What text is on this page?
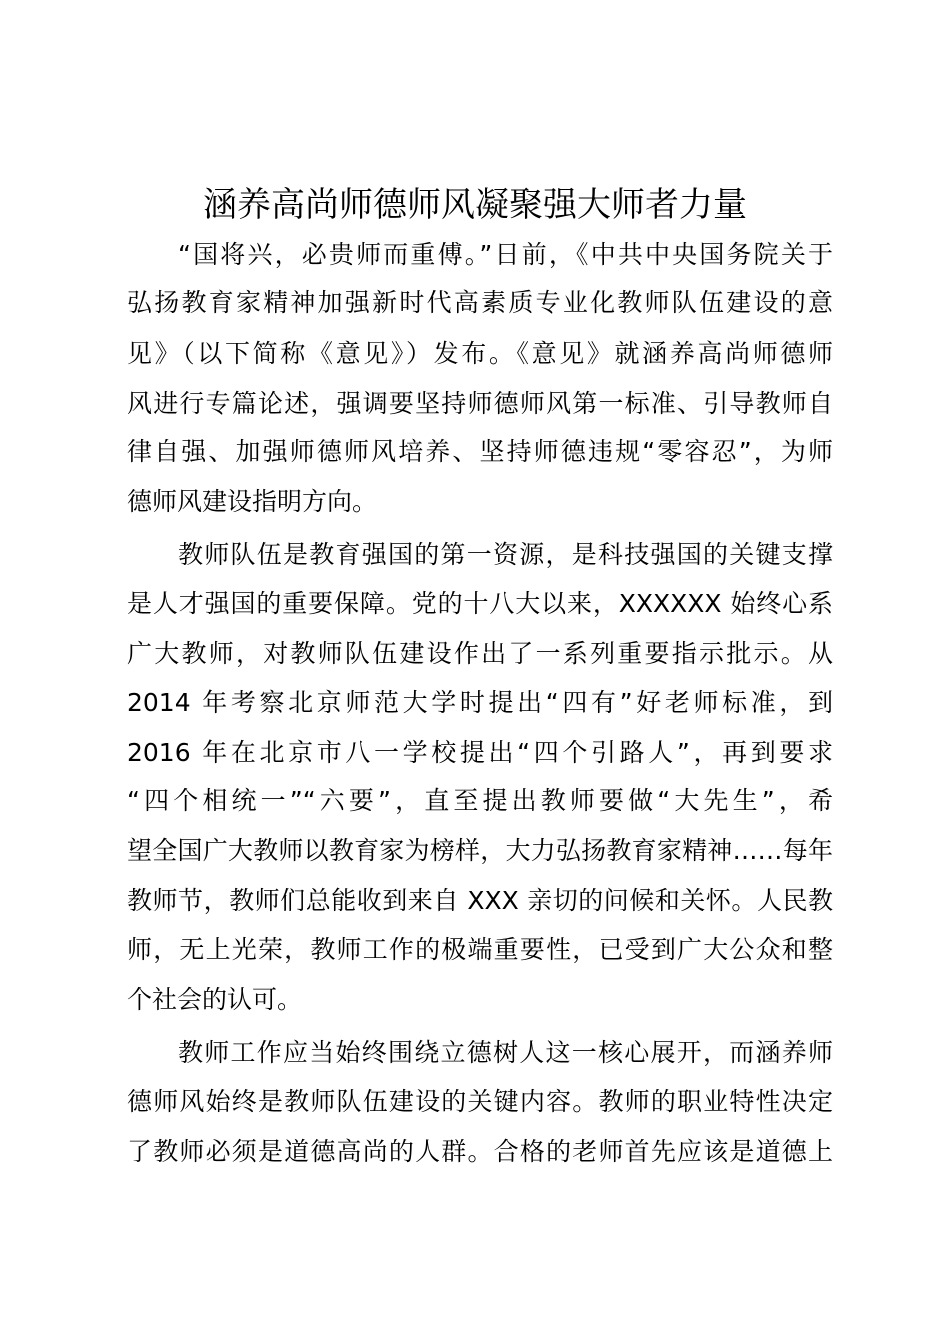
涵养高尚师德师风凝聚强大师者力量
“国将兴，必贵师而重傅。”日前，《中共中央国务院关于
弘扬教育家精神加强新时代高素质专业化教师队伍建设的意
见》（以下简称《意见》）发布。《意见》就涵养高尚师德师
风进行专篇论述，强调要坚持师德师风第一标准、引导教师自
律自强、加强师德师风培养、坚持师德违规“零容忍”，为师
德师风建设指明方向。
教师队伍是教育强国的第一资源，是科技强国的关键支撑
是人才强国的重要保障。党的十八大以来，XXXXXX 始终心系
广大教师，对教师队伍建设作出了一系列重要指示批示。从
2014 年考察北京师范大学时提出“四有”好老师标准，到
2016 年在北京市八一学校提出“四个引路人”，再到要求
“四个相统一”“六要”，直至提出教师要做“大先生”，希
望全国广大教师以教育家为榜样，大力弘扬教育家精神……每年
教师节，教师们总能收到来自 XXX 亲切的问候和关怀。人民教
师，无上光荣，教师工作的极端重要性，已受到广大公众和整
个社会的认可。
教师工作应当始终围绕立德树人这一核心展开，而涵养师
德师风始终是教师队伍建设的关键内容。教师的职业特性决定
了教师必须是道德高尚的人群。合格的老师首先应该是道德上
